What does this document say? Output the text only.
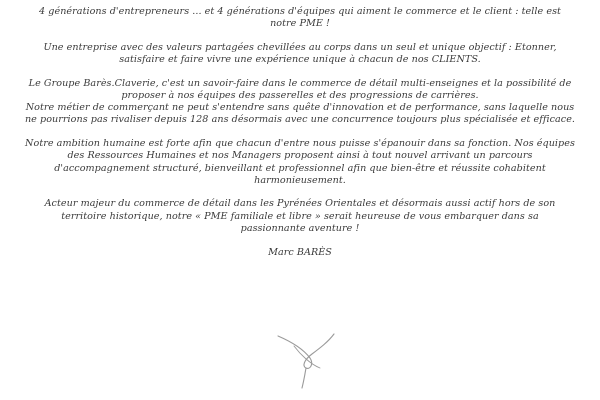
4 générations d'entrepreneurs ... et 4 générations d'équipes qui aiment le commerce et le client : telle est
notre PME !
Une entreprise avec des valeurs partagées chevillées au corps dans un seul et unique objectif : Etonner,
satisfaire et faire vivre une expérience unique à chacun de nos CLIENTS.
Le Groupe Barès.Claverie, c'est un savoir-faire dans le commerce de détail multi-enseignes et la possibilité de
proposer à nos équipes des passerelles et des progressions de carrières.
Notre métier de commerçant ne peut s'entendre sans quête d'innovation et de performance, sans laquelle nous
ne pourrions pas rivaliser depuis 128 ans désormais avec une concurrence toujours plus spécialisée et efficace.
Notre ambition humaine est forte afin que chacun d'entre nous puisse s'épanouir dans sa fonction. Nos équipes
des Ressources Humaines et nos Managers proposent ainsi à tout nouvel arrivant un parcours
d'accompagnement structuré, bienveillant et professionnel afin que bien-être et réussite cohabitent
harmonieusement.
Acteur majeur du commerce de détail dans les Pyrénées Orientales et désormais aussi actif hors de son
territoire historique, notre « PME familiale et libre » serait heureuse de vous embarquer dans sa
passionnante aventure !
Marc BARÈS
